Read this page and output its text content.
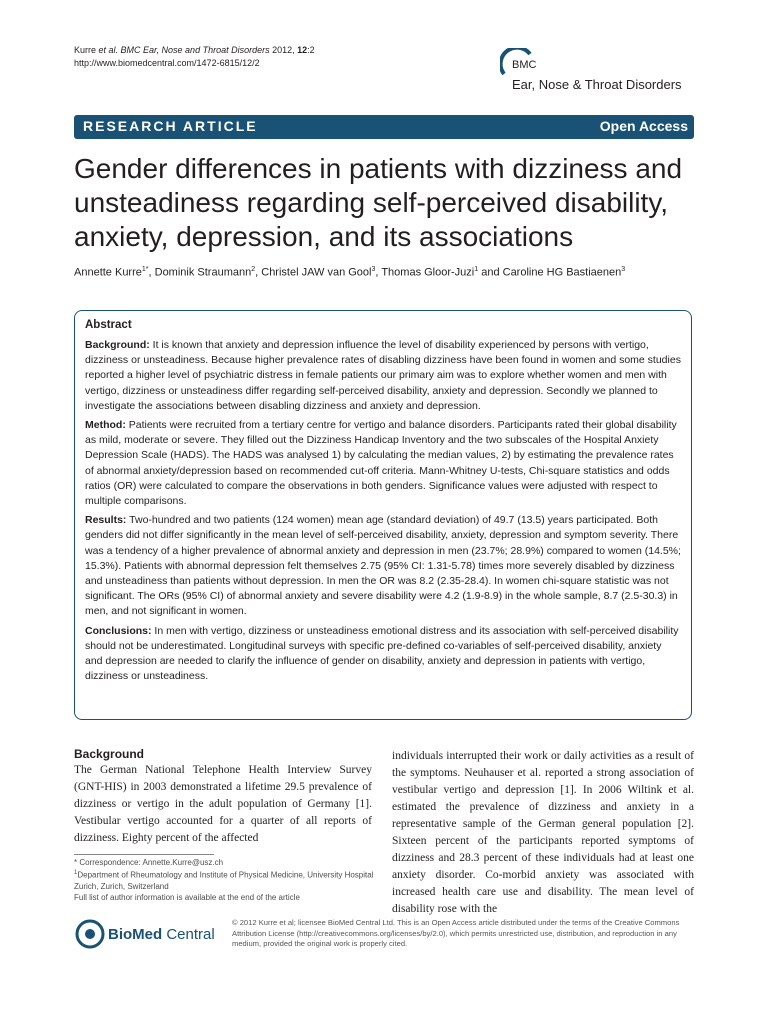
Kurre et al. BMC Ear, Nose and Throat Disorders 2012, 12:2
http://www.biomedcentral.com/1472-6815/12/2	BMC
Ear, Nose & Throat Disorders
RESEARCH ARTICLE	Open Access
Gender differences in patients with dizziness and unsteadiness regarding self-perceived disability, anxiety, depression, and its associations
Annette Kurre$^{1*}$, Dominik Straumann$^2$, Christel JAW van Gool$^3$, Thomas Gloor-Juzi$^1$ and Caroline HG Bastiaenen$^3$
Abstract

Background: It is known that anxiety and depression influence the level of disability experienced by persons with vertigo, dizziness or unsteadiness. Because higher prevalence rates of disabling dizziness have been found in women and some studies reported a higher level of psychiatric distress in female patients our primary aim was to explore whether women and men with vertigo, dizziness or unsteadiness differ regarding self-perceived disability, anxiety and depression. Secondly we planned to investigate the associations between disabling dizziness and anxiety and depression.

Method: Patients were recruited from a tertiary centre for vertigo and balance disorders. Participants rated their global disability as mild, moderate or severe. They filled out the Dizziness Handicap Inventory and the two subscales of the Hospital Anxiety Depression Scale (HADS). The HADS was analysed 1) by calculating the median values, 2) by estimating the prevalence rates of abnormal anxiety/depression based on recommended cut-off criteria. Mann-Whitney U-tests, Chi-square statistics and odds ratios (OR) were calculated to compare the observations in both genders. Significance values were adjusted with respect to multiple comparisons.

Results: Two-hundred and two patients (124 women) mean age (standard deviation) of 49.7 (13.5) years participated. Both genders did not differ significantly in the mean level of self-perceived disability, anxiety, depression and symptom severity. There was a tendency of a higher prevalence of abnormal anxiety and depression in men (23.7%; 28.9%) compared to women (14.5%; 15.3%). Patients with abnormal depression felt themselves 2.75 (95% CI: 1.31-5.78) times more severely disabled by dizziness and unsteadiness than patients without depression. In men the OR was 8.2 (2.35-28.4). In women chi-square statistic was not significant. The ORs (95% CI) of abnormal anxiety and severe disability were 4.2 (1.9-8.9) in the whole sample, 8.7 (2.5-30.3) in men, and not significant in women.

Conclusions: In men with vertigo, dizziness or unsteadiness emotional distress and its association with self-perceived disability should not be underestimated. Longitudinal surveys with specific pre-defined co-variables of self-perceived disability, anxiety and depression are needed to clarify the influence of gender on disability, anxiety and depression in patients with vertigo, dizziness or unsteadiness.

Background
The German National Telephone Health Interview Survey (GNT-HIS) in 2003 demonstrated a lifetime 29.5 prevalence of dizziness or vertigo in the adult population of Germany [1]. Vestibular vertigo accounted for a quarter of all reports of dizziness. Eighty percent of the affected
individuals interrupted their work or daily activities as a result of the symptoms. Neuhauser et al. reported a strong association of vestibular vertigo and depression [1]. In 2006 Wiltink et al. estimated the prevalence of dizziness and anxiety in a representative sample of the German general population [2]. Sixteen percent of the participants reported symptoms of dizziness and 28.3 percent of these individuals had at least one anxiety disorder. Co-morbid anxiety was associated with increased health care use and disability. The mean level of disability rose with the
* Correspondence: Annette.Kurre@usz.ch
$^1$Department of Rheumatology and Institute of Physical Medicine, University Hospital Zurich, Zurich, Switzerland
Full list of author information is available at the end of the article
BioMed Central
© 2012 Kurre et al; licensee BioMed Central Ltd. This is an Open Access article distributed under the terms of the Creative Commons Attribution License (http://creativecommons.org/licenses/by/2.0), which permits unrestricted use, distribution, and reproduction in any medium, provided the original work is properly cited.
